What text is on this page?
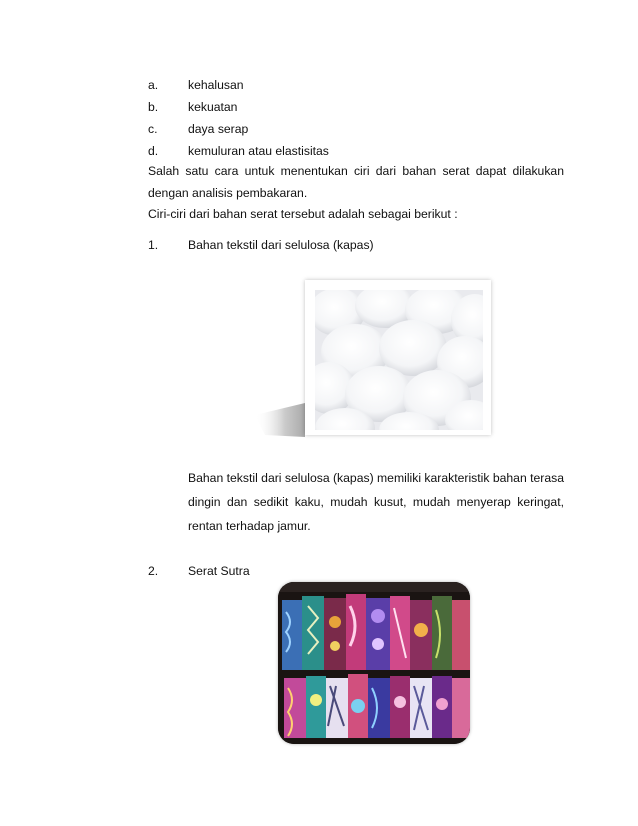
a. kehalusan
b. kekuatan
c.	daya serap
d. kemuluran atau elastisitas
Salah satu cara untuk menentukan ciri dari bahan serat dapat dilakukan dengan analisis pembakaran.
Ciri-ciri dari bahan serat tersebut adalah sebagai berikut :
1. Bahan tekstil dari selulosa (kapas)
Bahan tekstil dari selulosa (kapas) memiliki karakteristik bahan terasa dingin dan sedikit kaku, mudah kusut, mudah menyerap keringat, rentan terhadap jamur.
2. Serat Sutra
